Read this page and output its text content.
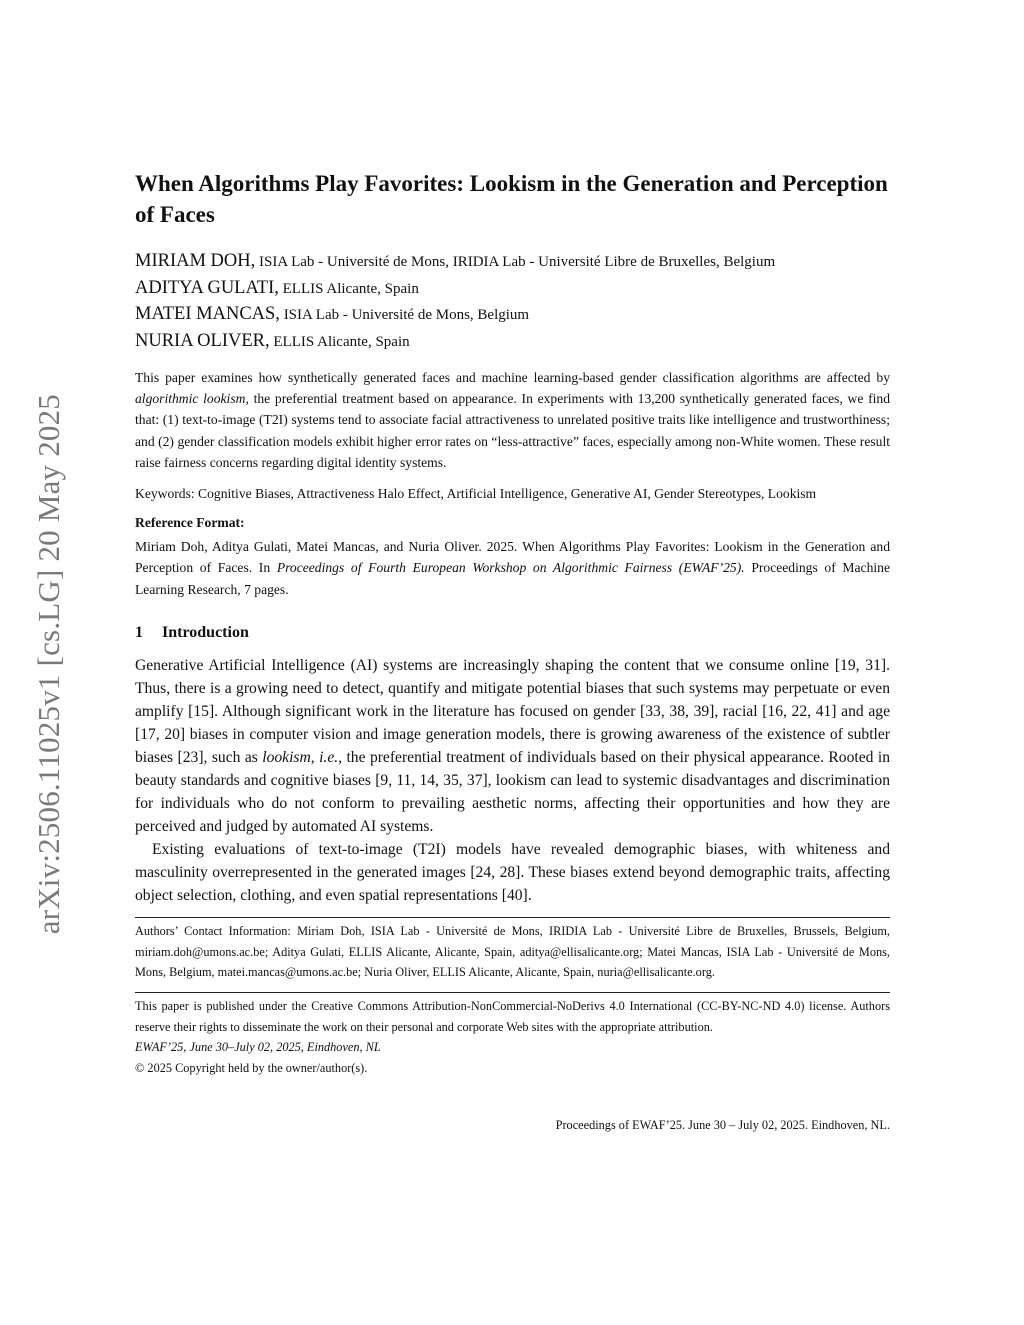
arXiv:2506.11025v1 [cs.LG] 20 May 2025
When Algorithms Play Favorites: Lookism in the Generation and Perception of Faces
MIRIAM DOH, ISIA Lab - Université de Mons, IRIDIA Lab - Université Libre de Bruxelles, Belgium
ADITYA GULATI, ELLIS Alicante, Spain
MATEI MANCAS, ISIA Lab - Université de Mons, Belgium
NURIA OLIVER, ELLIS Alicante, Spain

This paper examines how synthetically generated faces and machine learning-based gender classification algorithms are affected by algorithmic lookism, the preferential treatment based on appearance. In experiments with 13,200 synthetically generated faces, we find that: (1) text-to-image (T2I) systems tend to associate facial attractiveness to unrelated positive traits like intelligence and trustworthiness; and (2) gender classification models exhibit higher error rates on “less-attractive” faces, especially among non-White women. These result raise fairness concerns regarding digital identity systems.

Keywords: Cognitive Biases, Attractiveness Halo Effect, Artificial Intelligence, Generative AI, Gender Stereotypes, Lookism

Reference Format:

Miriam Doh, Aditya Gulati, Matei Mancas, and Nuria Oliver. 2025. When Algorithms Play Favorites: Lookism in the Generation and Perception of Faces. In Proceedings of Fourth European Workshop on Algorithmic Fairness (EWAF’25). Proceedings of Machine Learning Research, 7 pages.

1 Introduction

Generative Artificial Intelligence (AI) systems are increasingly shaping the content that we consume online [19, 31]. Thus, there is a growing need to detect, quantify and mitigate potential biases that such systems may perpetuate or even amplify [15]. Although significant work in the literature has focused on gender [33, 38, 39], racial [16, 22, 41] and age [17, 20] biases in computer vision and image generation models, there is growing awareness of the existence of subtler biases [23], such as lookism, i.e., the preferential treatment of individuals based on their physical appearance. Rooted in beauty standards and cognitive biases [9, 11, 14, 35, 37], lookism can lead to systemic disadvantages and discrimination for individuals who do not conform to prevailing aesthetic norms, affecting their opportunities and how they are perceived and judged by automated AI systems.

Existing evaluations of text-to-image (T2I) models have revealed demographic biases, with whiteness and masculinity overrepresented in the generated images [24, 28]. These biases extend beyond demographic traits, affecting object selection, clothing, and even spatial representations [40].

Authors’ Contact Information: Miriam Doh, ISIA Lab - Université de Mons, IRIDIA Lab - Université Libre de Bruxelles, Brussels, Belgium, miriam.doh@umons.ac.be; Aditya Gulati, ELLIS Alicante, Alicante, Spain, aditya@ellisalicante.org; Matei Mancas, ISIA Lab - Université de Mons, Mons, Belgium, matei.mancas@umons.ac.be; Nuria Oliver, ELLIS Alicante, Alicante, Spain, nuria@ellisalicante.org.

This paper is published under the Creative Commons Attribution-NonCommercial-NoDerivs 4.0 International (CC-BY-NC-ND 4.0) license. Authors reserve their rights to disseminate the work on their personal and corporate Web sites with the appropriate attribution.

EWAF’25, June 30–July 02, 2025, Eindhoven, NL

© 2025 Copyright held by the owner/author(s).

Proceedings of EWAF’25. June 30 – July 02, 2025. Eindhoven, NL.
